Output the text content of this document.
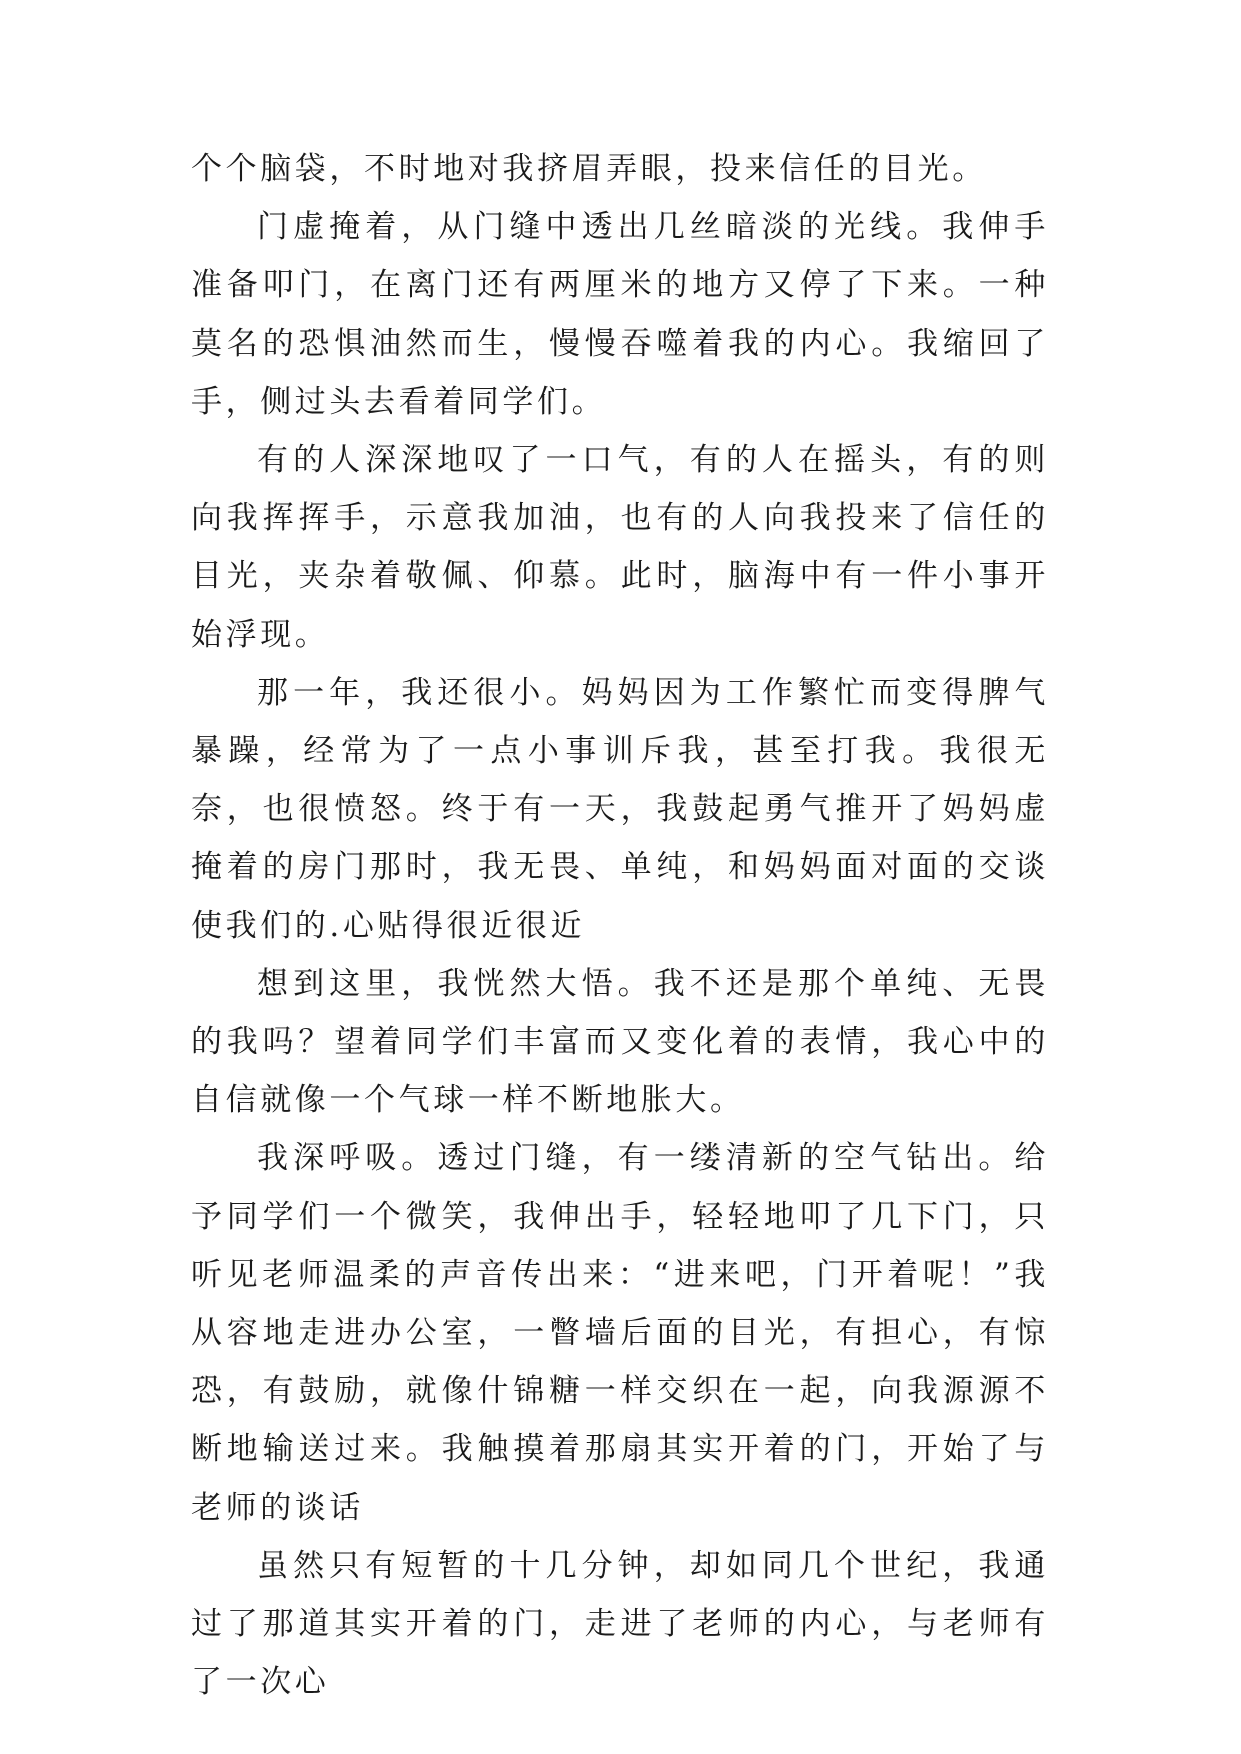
个个脑袋，不时地对我挤眉弄眼，投来信任的目光。

门虚掩着，从门缝中透出几丝暗淡的光线。我伸手准备叩门，在离门还有两厘米的地方又停了下来。一种莫名的恐惧油然而生，慢慢吞噬着我的内心。我缩回了手，侧过头去看着同学们。

有的人深深地叹了一口气，有的人在摇头，有的则向我挥挥手，示意我加油，也有的人向我投来了信任的目光，夹杂着敬佩、仰慕。此时，脑海中有一件小事开始浮现。

那一年，我还很小。妈妈因为工作繁忙而变得脾气暴躁，经常为了一点小事训斥我，甚至打我。我很无奈，也很愤怒。终于有一天，我鼓起勇气推开了妈妈虚掩着的房门那时，我无畏、单纯，和妈妈面对面的交谈使我们的.心贴得很近很近

想到这里，我恍然大悟。我不还是那个单纯、无畏的我吗？望着同学们丰富而又变化着的表情，我心中的自信就像一个气球一样不断地胀大。

我深呼吸。透过门缝，有一缕清新的空气钻出。给予同学们一个微笑，我伸出手，轻轻地叩了几下门，只听见老师温柔的声音传出来：“进来吧，门开着呢！”我从容地走进办公室，一瞥墙后面的目光，有担心，有惊恐，有鼓励，就像什锦糖一样交织在一起，向我源源不断地输送过来。我触摸着那扇其实开着的门，开始了与老师的谈话

虽然只有短暂的十几分钟，却如同几个世纪，我通过了那道其实开着的门，走进了老师的内心，与老师有了一次心
